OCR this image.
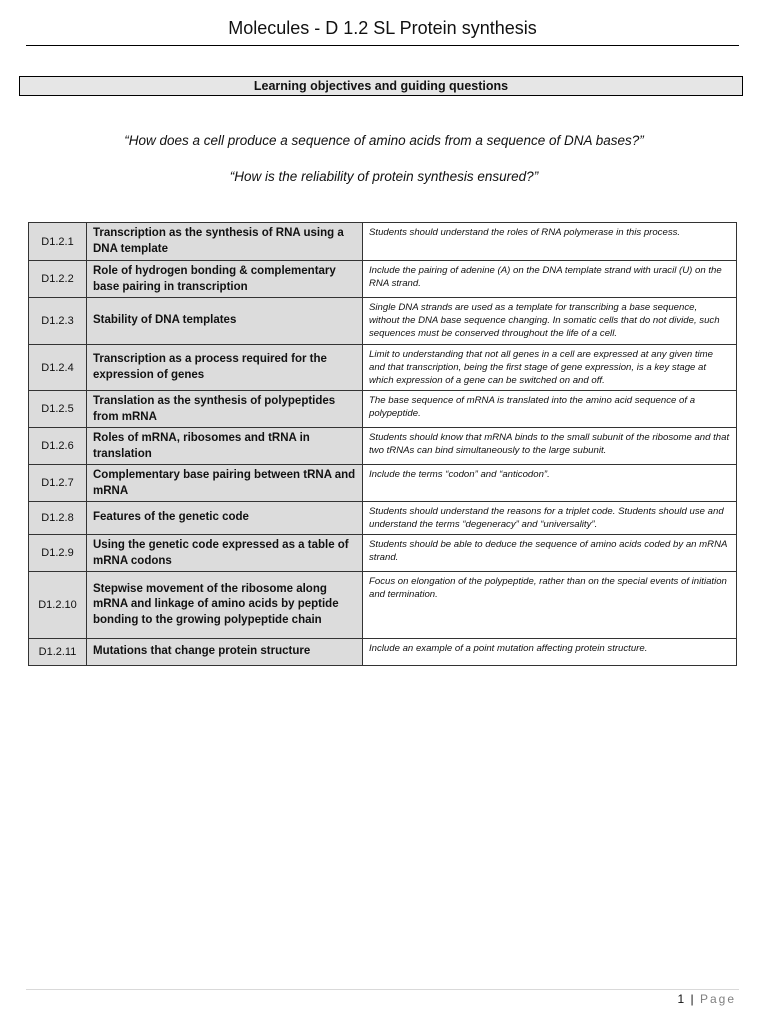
Molecules - D 1.2 SL Protein synthesis
Learning objectives and guiding questions
“How does a cell produce a sequence of amino acids from a sequence of DNA bases?”
“How is the reliability of protein synthesis ensured?”
D1.2.1	Transcription as the synthesis of RNA using a DNA template	Students should understand the roles of RNA polymerase in this process.
D1.2.2	Role of hydrogen bonding & complementary base pairing in transcription	Include the pairing of adenine (A) on the DNA template strand with uracil (U) on the RNA strand.
D1.2.3	Stability of DNA templates	Single DNA strands are used as a template for transcribing a base sequence, without the DNA base sequence changing. In somatic cells that do not divide, such sequences must be conserved throughout the life of a cell.
D1.2.4	Transcription as a process required for the expression of genes	Limit to understanding that not all genes in a cell are expressed at any given time and that transcription, being the first stage of gene expression, is a key stage at which expression of a gene can be switched on and off.
D1.2.5	Translation as the synthesis of polypeptides from mRNA	The base sequence of mRNA is translated into the amino acid sequence of a polypeptide.
D1.2.6	Roles of mRNA, ribosomes and tRNA in translation	Students should know that mRNA binds to the small subunit of the ribosome and that two tRNAs can bind simultaneously to the large subunit.
D1.2.7	Complementary base pairing between tRNA and mRNA	Include the terms “codon” and “anticodon”.
D1.2.8	Features of the genetic code	Students should understand the reasons for a triplet code. Students should use and understand the terms “degeneracy” and “universality”.
D1.2.9	Using the genetic code expressed as a table of mRNA codons	Students should be able to deduce the sequence of amino acids coded by an mRNA strand.
D1.2.10	Stepwise movement of the ribosome along mRNA and linkage of amino acids by peptide bonding to the growing polypeptide chain	Focus on elongation of the polypeptide, rather than on the special events of initiation and termination.
D1.2.11	Mutations that change protein structure	Include an example of a point mutation affecting protein structure.
1 | Page
